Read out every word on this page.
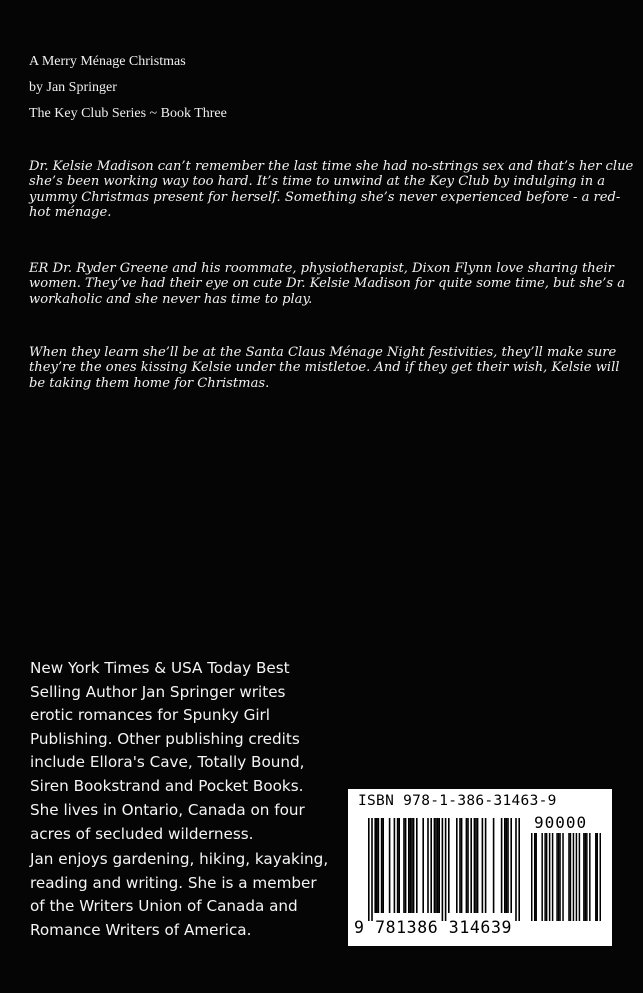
A Merry Ménage Christmas
by Jan Springer
The Key Club Series ~ Book Three
Dr. Kelsie Madison can’t remember the last time she had no-strings sex and that’s her clue she’s been working way too hard. It’s time to unwind at the Key Club by indulging in a yummy Christmas present for herself. Something she’s never experienced before - a red-hot ménage.
ER Dr. Ryder Greene and his roommate, physiotherapist, Dixon Flynn love sharing their women. They’ve had their eye on cute Dr. Kelsie Madison for quite some time, but she’s a workaholic and she never has time to play.
When they learn she’ll be at the Santa Claus Ménage Night festivities, they’ll make sure they’re the ones kissing Kelsie under the mistletoe. And if they get their wish, Kelsie will be taking them home for Christmas.
New York Times & USA Today Best Selling Author Jan Springer writes erotic romances for Spunky Girl Publishing. Other publishing credits include Ellora's Cave, Totally Bound, Siren Bookstrand and Pocket Books.
She lives in Ontario, Canada on four acres of secluded wilderness.
Jan enjoys gardening, hiking, kayaking, reading and writing. She is a member of the Writers Union of Canada and Romance Writers of America.
ISBN 978-1-386-31463-9
90000
9 781386 314639
